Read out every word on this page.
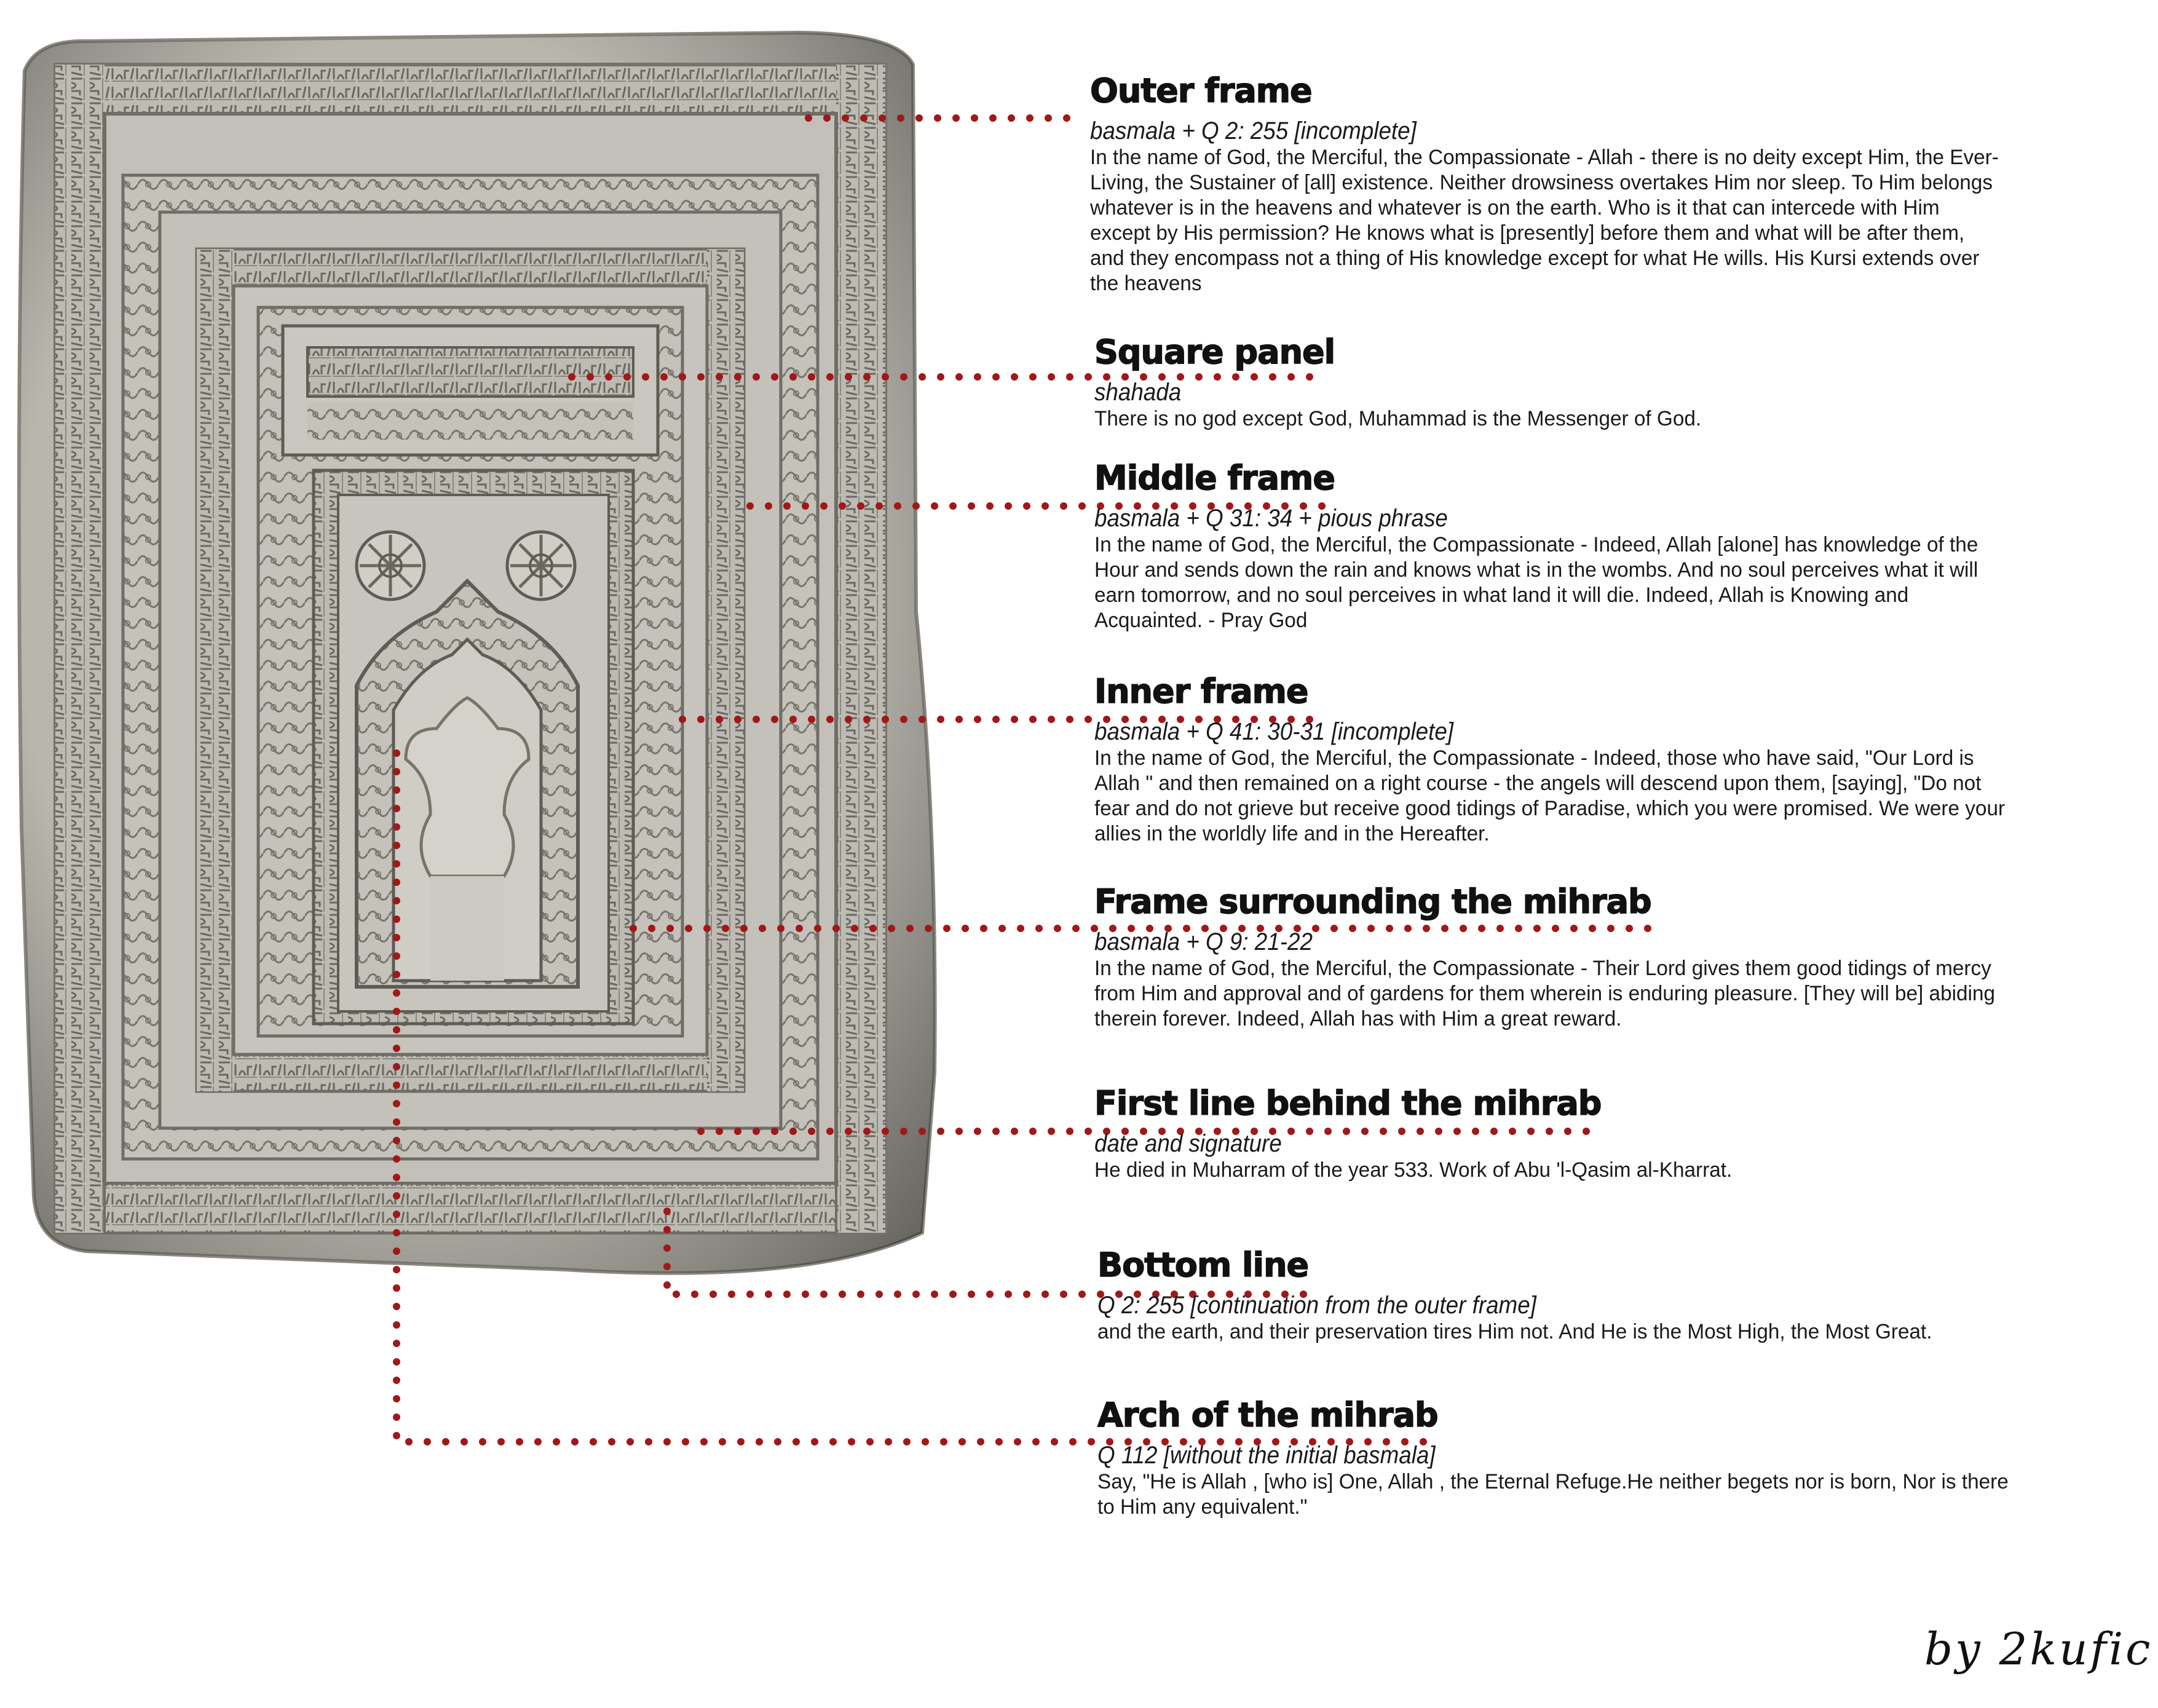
Outer frame
basmala + Q 2: 255 [incomplete]
In the name of God, the Merciful, the Compassionate - Allah - there is no deity except Him, the Ever-
Living, the Sustainer of [all] existence. Neither drowsiness overtakes Him nor sleep. To Him belongs
whatever is in the heavens and whatever is on the earth. Who is it that can intercede with Him
except by His permission? He knows what is [presently] before them and what will be after them,
and they encompass not a thing of His knowledge except for what He wills. His Kursi extends over
the heavens
Square panel
shahada
There is no god except God, Muhammad is the Messenger of God.
Middle frame
basmala + Q 31: 34 + pious phrase
In the name of God, the Merciful, the Compassionate - Indeed, Allah [alone] has knowledge of the
Hour and sends down the rain and knows what is in the wombs. And no soul perceives what it will
earn tomorrow, and no soul perceives in what land it will die. Indeed, Allah is Knowing and
Acquainted. - Pray God
Inner frame
basmala + Q 41: 30-31 [incomplete]
In the name of God, the Merciful, the Compassionate - Indeed, those who have said, "Our Lord is
Allah " and then remained on a right course - the angels will descend upon them, [saying], "Do not
fear and do not grieve but receive good tidings of Paradise, which you were promised. We were your
allies in the worldly life and in the Hereafter.
Frame surrounding the mihrab
basmala + Q 9: 21-22
In the name of God, the Merciful, the Compassionate - Their Lord gives them good tidings of mercy
from Him and approval and of gardens for them wherein is enduring pleasure. [They will be] abiding
therein forever. Indeed, Allah has with Him a great reward.
First line behind the mihrab
date and signature
He died in Muharram of the year 533. Work of Abu 'l-Qasim al-Kharrat.
Bottom line
Q 2: 255 [continuation from the outer frame]
and the earth, and their preservation tires Him not. And He is the Most High, the Most Great.
Arch of the mihrab
Q 112 [without the initial basmala]
Say, "He is Allah , [who is] One, Allah , the Eternal Refuge.He neither begets nor is born, Nor is there
to Him any equivalent."
by 2kufic
